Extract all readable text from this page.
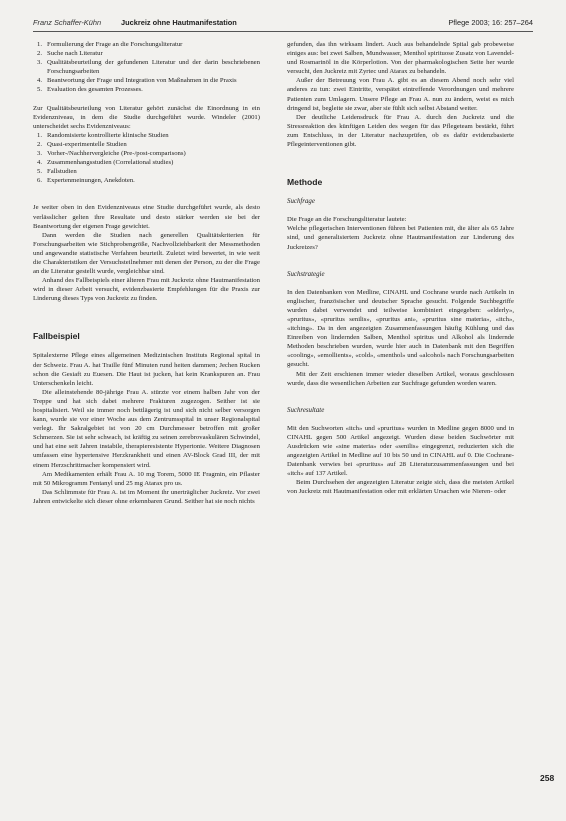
Franz Schaffer-Kühn	Juckreiz ohne Hautmanifestation	Pflege 2003; 16: 257–264
1. Formulierung der Frage an die Forschungsliteratur
2. Suche nach Literatur
3. Qualitätsbeurteilung der gefundenen Literatur und der darin beschriebenen Forschungsarbeiten
4. Beantwortung der Frage und Integration von Maßnahmen in die Praxis
5. Evaluation des gesamten Prozesses.

Zur Qualitätsbeurteilung von Literatur gehört zunächst die Einordnung in ein Evidenzniveau, in dem die Studie durchgeführt wurde. Windeler (2001) unterscheidet sechs Evidenzniveaus:

1. Randomisierte kontrollierte klinische Studien
2. Quasi-experimentelle Studien
3. Vorher-/Nachhervergleiche (Pre-/post-comparisons)
4. Zusammenhangsstudien (Correlational studies)
5. Fallstudien
6. Expertenmeinungen, Anekdoten.

Je weiter oben in den Evidenzniveaus eine Studie durchgeführt wurde, als desto verlässlicher gelten ihre Resultate und desto stärker werden sie bei der Beantwortung der eigenen Frage gewichtet.

Dann werden die Studien nach generellen Qualitätskriterien für Forschungsarbeiten wie Stichprobengröße, Nachvollziehbarkeit der Messmethoden und angewandte statistische Verfahren beurteilt. Zuletzt wird bewertet, in wie weit die Charakteristiken der Versuchsteilnehmer mit denen der Person, zu der die Frage an die Literatur gestellt wurde, vergleichbar sind.

Anhand des Fallbeispiels einer älteren Frau mit Juckreiz ohne Hautmanifestation wird in dieser Arbeit versucht, evidenzbasierte Empfehlungen für die Praxis zur Linderung dieses Typs von Juckreiz zu finden.

Fallbeispiel

Spitalexterne Pflege eines allgemeinen Medizinischen Instituts Regional spital in der Schweiz. Frau A. hat Traille fünf Minuten rund heiten dammen; Jechen Rucken schon die Gesiaft zu Euesen. Die Haut ist jucken, hat kein Krankspuren an. Frau Unterschenkeln leicht.

Die alleinstehende 80-jährige Frau A. stürzte vor einem halben Jahr von der Treppe und hat sich dabei mehrere Frakturen zugezogen. Seither ist sie hospitalisiert. Weil sie immer noch bettlägerig ist und sich nicht selber versorgen kann, wurde sie vor einer Woche aus dem Zentrumsspital in unser Regionalspital verlegt. Ihr Sakralgebiet ist von 20 cm Durchmesser betroffen mit großer Schmerzen. Sie ist sehr schwach, ist kräftig zu seinen zerebrovaskulären Schwindel, und hat eine seit Jahren instabile, therapieresistente Hypertonie. Weitere Diagnosen umfassen eine hypertensive Herzkrankheit und einen AV-Block Grad III, der mit einem Herzschrittmacher kompensiert wird.

Am Medikamenten erhält Frau A. 10 mg Torem, 5000 IE Fragmin, ein Pflaster mit 50 Mikrogramm Fentanyl und 25 mg Atarax pro us.

Das Schlimmste für Frau A. ist im Moment ihr unerträglicher Juckreiz. Vor zwei Jahren entwickelte sich dieser ohne erkennbaren Grund. Seither hat sie noch nichts

gefunden, das ihn wirksam lindert. Auch aus behandelnde Spital gab probeweise einiges aus: bei zwei Salben, Mundwasser, Menthol spirituose Zusatz von Lavendel- und Rosmarinöl in die Körperlotion. Von der pharmakologischen Seite her wurde versucht, den Juckreiz mit Zyrtec und Atarax zu behandeln.

Außer der Betreuung von Frau A. gibt es an diesem Abend noch sehr viel anderes zu tun: zwei Eintritte, verspätet eintreffende Verordnungen und mehrere Patienten zum Umlagern. Unsere Pflege an Frau A. nun zu ändern, weist es mich dringend ist, begleite sie zwar, aber sie fühlt sich selbst Abstand weiter.

Der deutliche Leidensdruck für Frau A. durch den Juckreiz und die Stressreaktion des künftigen Leiden des wegen für das Pflegeteam bestärkt, führt zum Entschluss, in der Literatur nachzuprüfen, ob es dafür evidenzbasierte Pflegeinterventionen gibt.

Methode
Suchfrage

Die Frage an die Forschungsliteratur lautete:

Welche pflegerischen Interventionen führen bei Patienten mit, die älter als 65 Jahre sind, und generalisiertem Juckreiz ohne Hautmanifestation zur Linderung des Juckreizes?

Suchstrategie

In den Datenbanken von Medline, CINAHL und Cochrane wurde nach Artikeln in englischer, französischer und deutscher Sprache gesucht. Folgende Suchbegriffe wurden dabei verwendet und teilweise kombiniert eingegeben: «elderly», «pruritus», «pruritus senilis», «pruritus ani», «pruritus sine materia», «itch», «itching». Da in den angezeigten Zusammenfassungen häufig Kühlung und das Einreiben von lindernden Salben, Menthol spiritus und Alkohol als lindernde Methoden beschrieben wurden, wurde hier auch in Datenbank mit den Begriffen «cooling», «emollients», «cold», «menthol» und «alcohol» nach Forschungsarbeiten gesucht.

Mit der Zeit erschienen immer wieder dieselben Artikel, woraus geschlossen wurde, dass die wesentlichen Arbeiten zur Suchfrage gefunden worden waren.

Suchresultate

Mit den Suchworten «itch» und «pruritus» wurden in Medline gegen 8000 und in CINAHL gegen 500 Artikel angezeigt. Wurden diese beiden Suchwörter mit Ausdrücken wie «sine materia» oder «senilis» eingegrenzt, reduzierten sich die angezeigten Artikel in Medline auf 10 bis 50 und in CINAHL auf 0. Die Cochrane-Datenbank verwies bei «pruritus» auf 28 Literaturzusammenfassungen und bei «itch» auf 137 Artikel.

Beim Durchsehen der angezeigten Literatur zeigte sich, dass die meisten Artikel von Juckreiz mit Hautmanifestation oder mit erklärten Ursachen wie Nieren- oder

258
